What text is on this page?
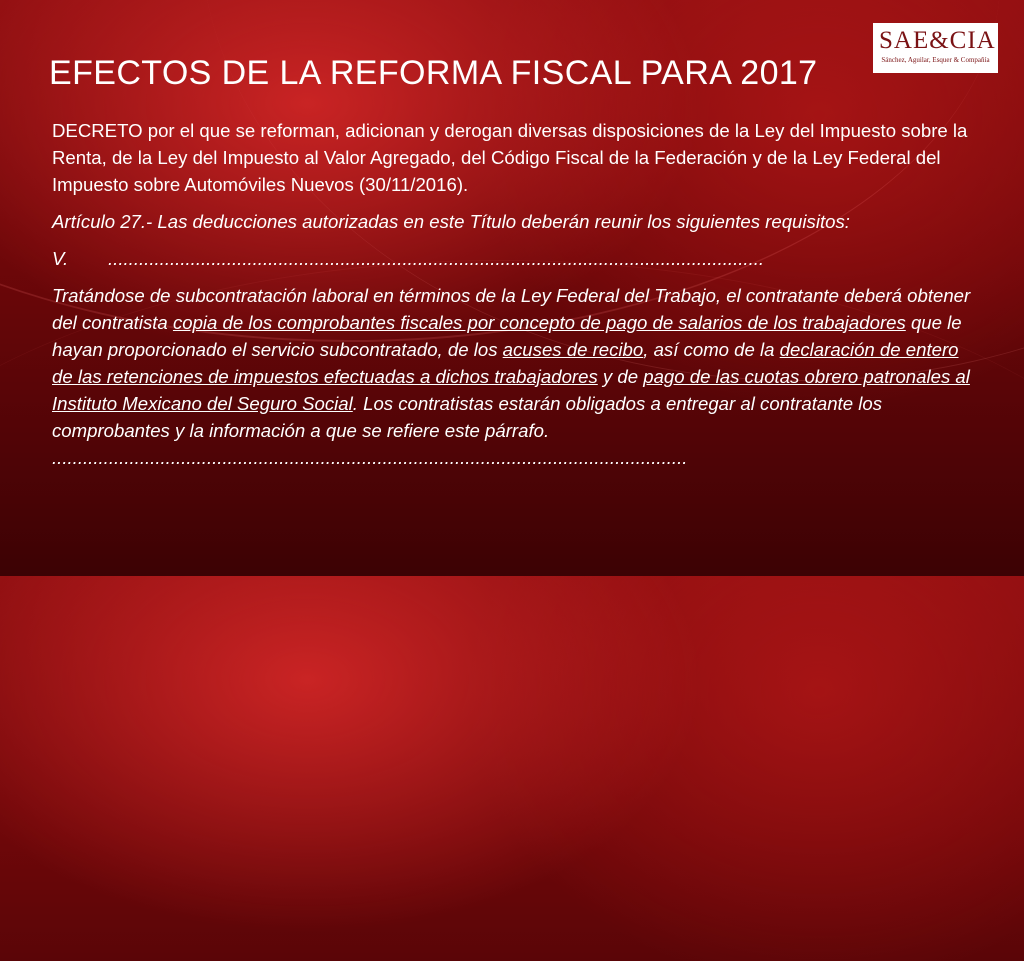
SAE&CIA
Sánchez, Aguilar, Esquer & Compañía
EFECTOS DE LA REFORMA FISCAL PARA 2017

DECRETO por el que se reforman, adicionan y derogan diversas disposiciones de la Ley del Impuesto sobre la Renta, de la Ley del Impuesto al Valor Agregado, del Código Fiscal de la Federación y de la Ley Federal del Impuesto sobre Automóviles Nuevos (30/11/2016).

Artículo 27.- Las deducciones autorizadas en este Título deberán reunir los siguientes requisitos:

V. ...............................................................................................................................

Tratándose de subcontratación laboral en términos de la Ley Federal del Trabajo, el contratante deberá obtener del contratista copia de los comprobantes fiscales por concepto de pago de salarios de los trabajadores que le hayan proporcionado el servicio subcontratado, de los acuses de recibo, así como de la declaración de entero de las retenciones de impuestos efectuadas a dichos trabajadores y de pago de las cuotas obrero patronales al Instituto Mexicano del Seguro Social. Los contratistas estarán obligados a entregar al contratante los comprobantes y la información a que se refiere este párrafo. ...........................................................................................................................
